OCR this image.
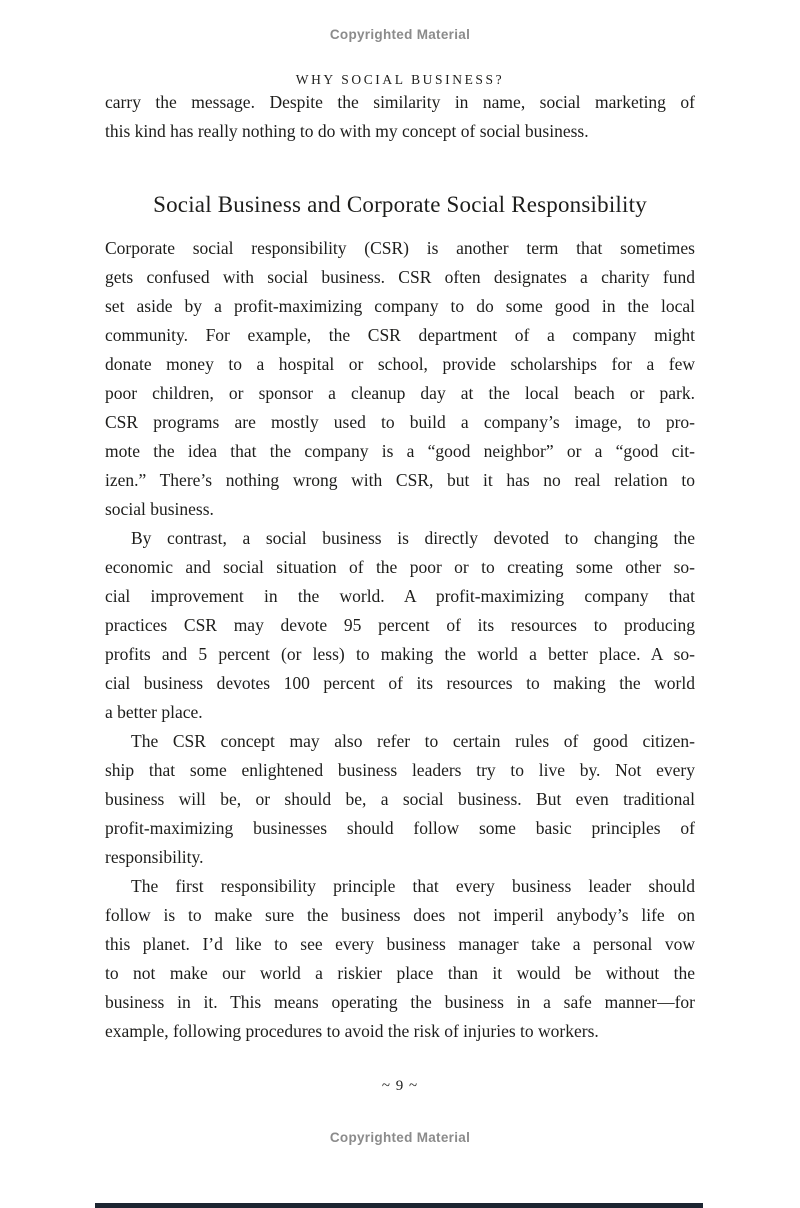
Copyrighted Material
WHY SOCIAL BUSINESS?
carry the message. Despite the similarity in name, social marketing of
this kind has really nothing to do with my concept of social business.
Social Business and Corporate Social Responsibility
Corporate social responsibility (CSR) is another term that sometimes
gets confused with social business. CSR often designates a charity fund
set aside by a profit-maximizing company to do some good in the local
community. For example, the CSR department of a company might
donate money to a hospital or school, provide scholarships for a few
poor children, or sponsor a cleanup day at the local beach or park.
CSR programs are mostly used to build a company’s image, to pro-
mote the idea that the company is a “good neighbor” or a “good cit-
izen.” There’s nothing wrong with CSR, but it has no real relation to
social business.
By contrast, a social business is directly devoted to changing the
economic and social situation of the poor or to creating some other so-
cial improvement in the world. A profit-maximizing company that
practices CSR may devote 95 percent of its resources to producing
profits and 5 percent (or less) to making the world a better place. A so-
cial business devotes 100 percent of its resources to making the world
a better place.
The CSR concept may also refer to certain rules of good citizen-
ship that some enlightened business leaders try to live by. Not every
business will be, or should be, a social business. But even traditional
profit-maximizing businesses should follow some basic principles of
responsibility.
The first responsibility principle that every business leader should
follow is to make sure the business does not imperil anybody’s life on
this planet. I’d like to see every business manager take a personal vow
to not make our world a riskier place than it would be without the
business in it. This means operating the business in a safe manner—for
example, following procedures to avoid the risk of injuries to workers.
~ 9 ~
Copyrighted Material
